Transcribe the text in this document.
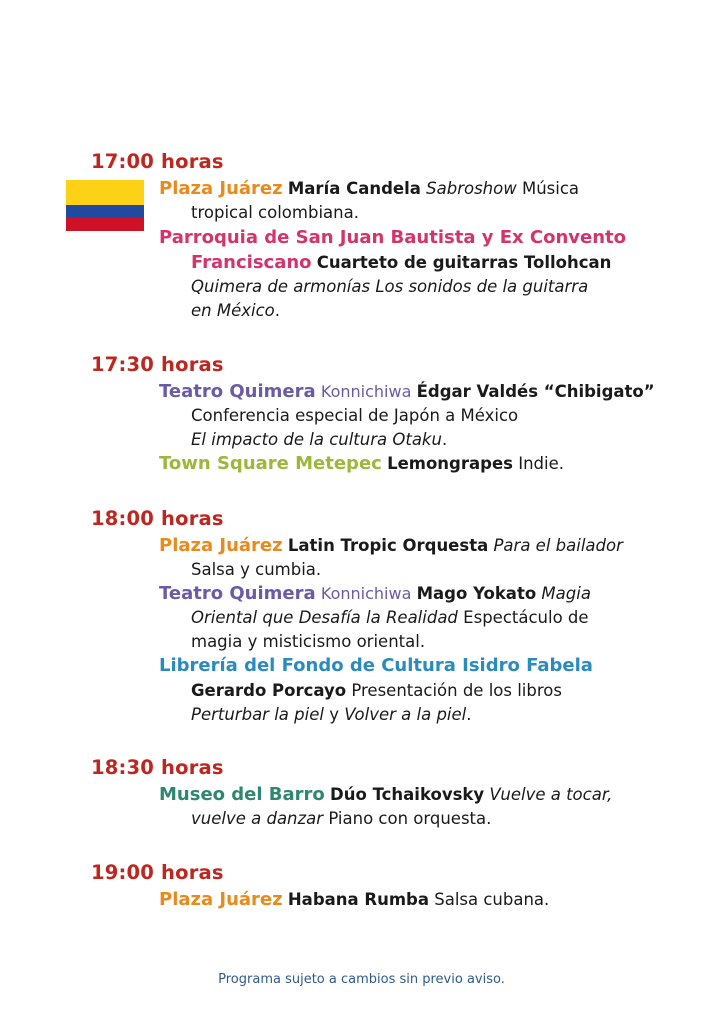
17:00 horas
Plaza Juárez María Candela Sabroshow Música
tropical colombiana.
Parroquia de San Juan Bautista y Ex Convento
Franciscano Cuarteto de guitarras Tollohcan
Quimera de armonías Los sonidos de la guitarra
en México.
17:30 horas
Teatro Quimera Konnichiwa Édgar Valdés “Chibigato”
Conferencia especial de Japón a México
El impacto de la cultura Otaku.
Town Square Metepec Lemongrapes Indie.
18:00 horas
Plaza Juárez Latin Tropic Orquesta Para el bailador
Salsa y cumbia.
Teatro Quimera Konnichiwa Mago Yokato Magia
Oriental que Desafía la Realidad Espectáculo de
magia y misticismo oriental.
Librería del Fondo de Cultura Isidro Fabela
Gerardo Porcayo Presentación de los libros
Perturbar la piel y Volver a la piel.
18:30 horas
Museo del Barro Dúo Tchaikovsky Vuelve a tocar,
vuelve a danzar Piano con orquesta.
19:00 horas
Plaza Juárez Habana Rumba Salsa cubana.
Programa sujeto a cambios sin previo aviso.
